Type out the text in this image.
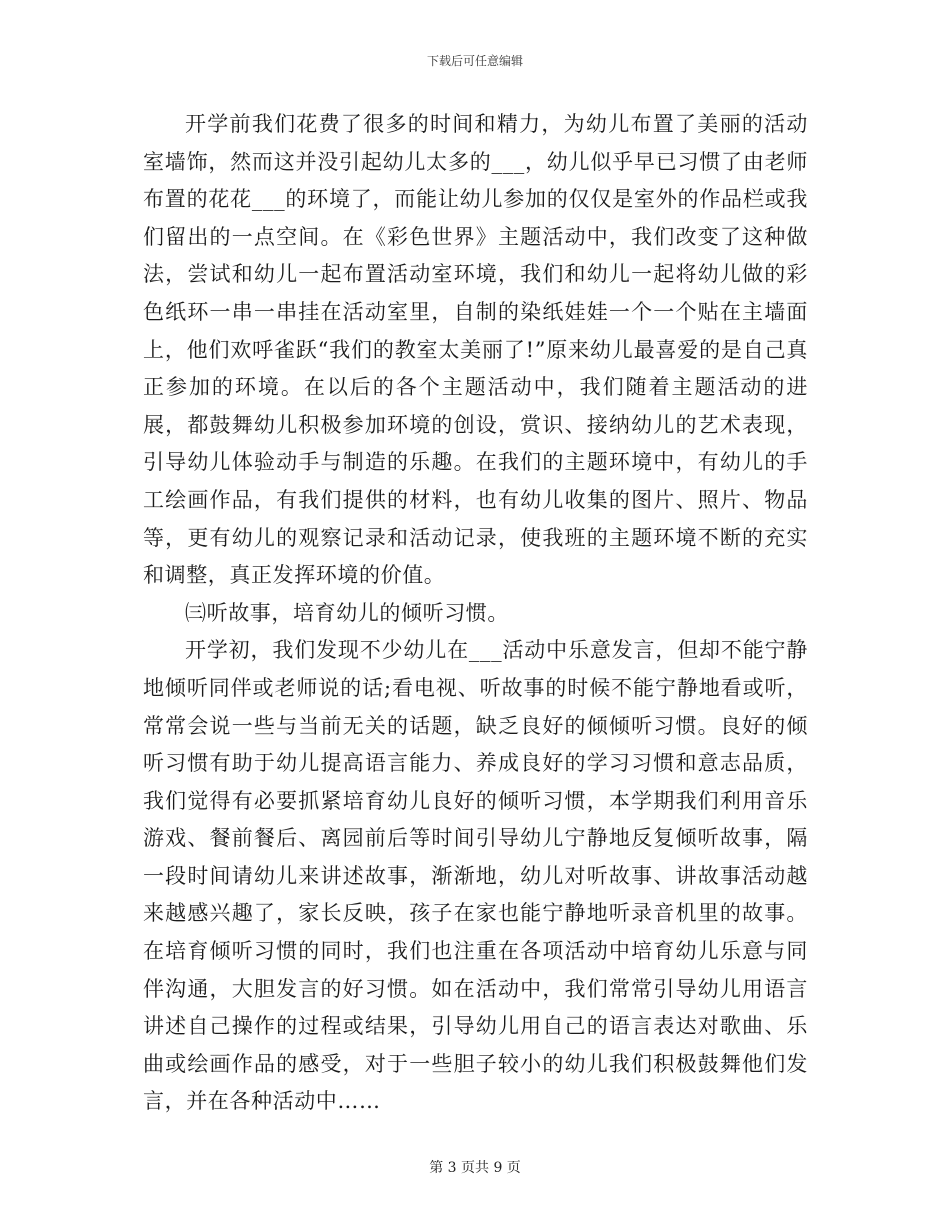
下载后可任意编辑

开学前我们花费了很多的时间和精力，为幼儿布置了美丽的活动室墙饰，然而这并没引起幼儿太多的___，幼儿似乎早已习惯了由老师布置的花花___的环境了，而能让幼儿参加的仅仅是室外的作品栏或我们留出的一点空间。在《彩色世界》主题活动中，我们改变了这种做法，尝试和幼儿一起布置活动室环境，我们和幼儿一起将幼儿做的彩色纸环一串一串挂在活动室里，自制的染纸娃娃一个一个贴在主墙面上，他们欢呼雀跃“我们的教室太美丽了!”原来幼儿最喜爱的是自己真正参加的环境。在以后的各个主题活动中，我们随着主题活动的进展，都鼓舞幼儿积极参加环境的创设，赏识、接纳幼儿的艺术表现，引导幼儿体验动手与制造的乐趣。在我们的主题环境中，有幼儿的手工绘画作品，有我们提供的材料，也有幼儿收集的图片、照片、物品等，更有幼儿的观察记录和活动记录，使我班的主题环境不断的充实和调整，真正发挥环境的价值。

㈢听故事，培育幼儿的倾听习惯。

开学初，我们发现不少幼儿在___活动中乐意发言，但却不能宁静地倾听同伴或老师说的话;看电视、听故事的时候不能宁静地看或听，常常会说一些与当前无关的话题，缺乏良好的倾倾听习惯。良好的倾听习惯有助于幼儿提高语言能力、养成良好的学习习惯和意志品质，我们觉得有必要抓紧培育幼儿良好的倾听习惯，本学期我们利用音乐游戏、餐前餐后、离园前后等时间引导幼儿宁静地反复倾听故事，隔一段时间请幼儿来讲述故事，渐渐地，幼儿对听故事、讲故事活动越来越感兴趣了，家长反映，孩子在家也能宁静地听录音机里的故事。在培育倾听习惯的同时，我们也注重在各项活动中培育幼儿乐意与同伴沟通，大胆发言的好习惯。如在活动中，我们常常引导幼儿用语言讲述自己操作的过程或结果，引导幼儿用自己的语言表达对歌曲、乐曲或绘画作品的感受，对于一些胆子较小的幼儿我们积极鼓舞他们发言，并在各种活动中……

第 3 页共 9 页
